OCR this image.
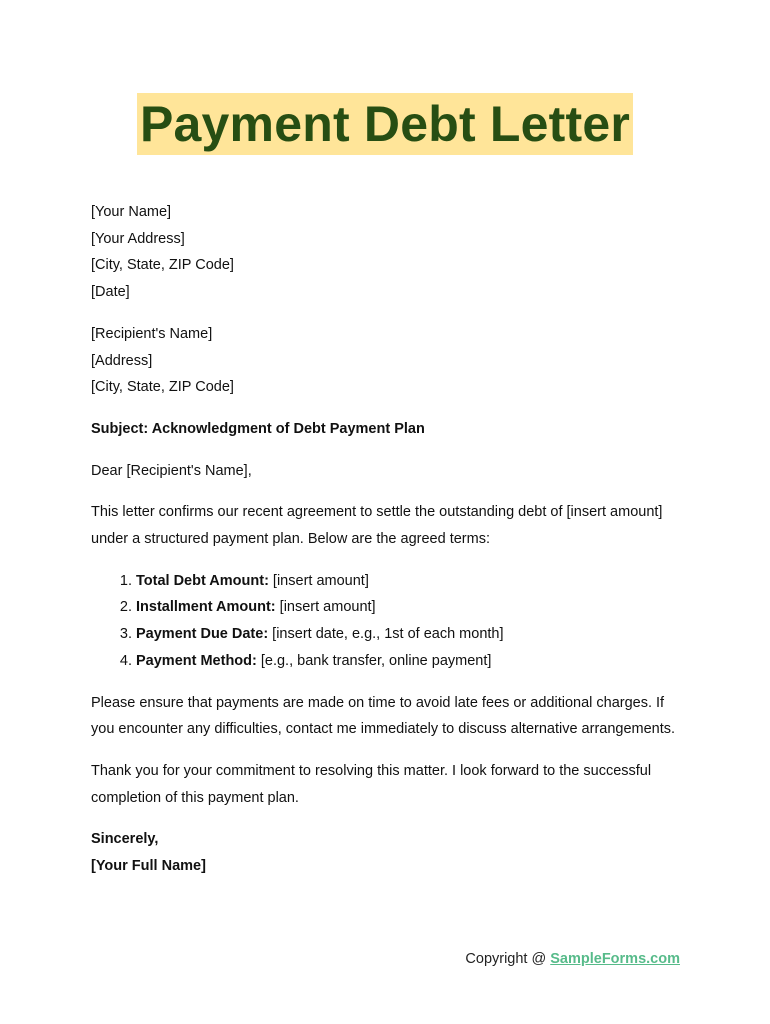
Payment Debt Letter
[Your Name]
[Your Address]
[City, State, ZIP Code]
[Date]
[Recipient's Name]
[Address]
[City, State, ZIP Code]
Subject: Acknowledgment of Debt Payment Plan
Dear [Recipient's Name],
This letter confirms our recent agreement to settle the outstanding debt of [insert amount] under a structured payment plan. Below are the agreed terms:
1. Total Debt Amount: [insert amount]
2. Installment Amount: [insert amount]
3. Payment Due Date: [insert date, e.g., 1st of each month]
4. Payment Method: [e.g., bank transfer, online payment]
Please ensure that payments are made on time to avoid late fees or additional charges. If you encounter any difficulties, contact me immediately to discuss alternative arrangements.
Thank you for your commitment to resolving this matter. I look forward to the successful completion of this payment plan.
Sincerely,
[Your Full Name]
Copyright @ SampleForms.com
